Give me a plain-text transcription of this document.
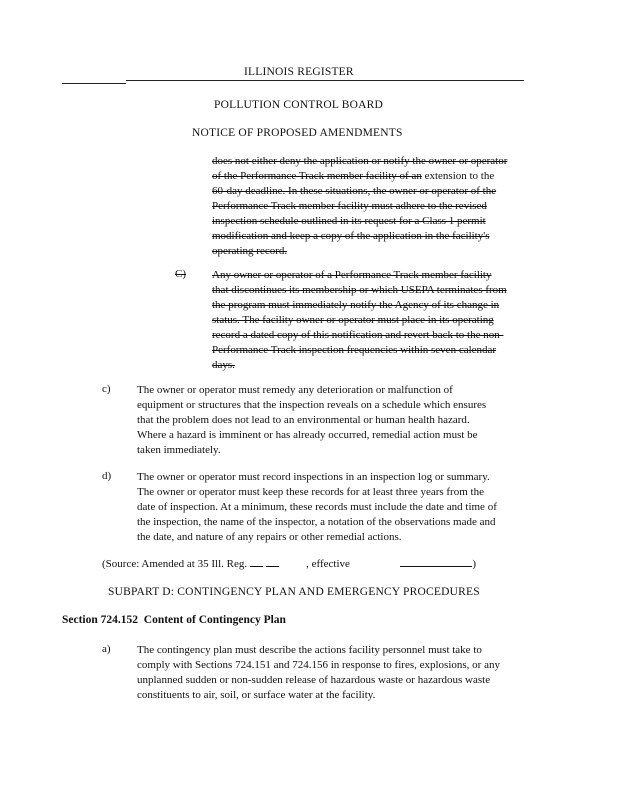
ILLINOIS REGISTER
POLLUTION CONTROL BOARD
NOTICE OF PROPOSED AMENDMENTS
does not either deny the application or notify the owner or operator
of the Performance Track member facility of an extension to the
60-day deadline. In these situations, the owner or operator of the
Performance Track member facility must adhere to the revised
inspection schedule outlined in its request for a Class 1 permit
modification and keep a copy of the application in the facility's
operating record.
C) Any owner or operator of a Performance Track member facility
that discontinues its membership or which USEPA terminates from
the program must immediately notify the Agency of its change in
status. The facility owner or operator must place in its operating
record a dated copy of this notification and revert back to the non-
Performance Track inspection frequencies within seven calendar
days.
c) The owner or operator must remedy any deterioration or malfunction of
equipment or structures that the inspection reveals on a schedule which ensures
that the problem does not lead to an environmental or human health hazard.
Where a hazard is imminent or has already occurred, remedial action must be
taken immediately.
d) The owner or operator must record inspections in an inspection log or summary.
The owner or operator must keep these records for at least three years from the
date of inspection. At a minimum, these records must include the date and time of
the inspection, the name of the inspector, a notation of the observations made and
the date, and nature of any repairs or other remedial actions.
(Source: Amended at 35 Ill. Reg.	, effective	)
SUBPART D: CONTINGENCY PLAN AND EMERGENCY PROCEDURES
Section 724.152 Content of Contingency Plan
a) The contingency plan must describe the actions facility personnel must take to
comply with Sections 724.151 and 724.156 in response to fires, explosions, or any
unplanned sudden or non-sudden release of hazardous waste or hazardous waste
constituents to air, soil, or surface water at the facility.
